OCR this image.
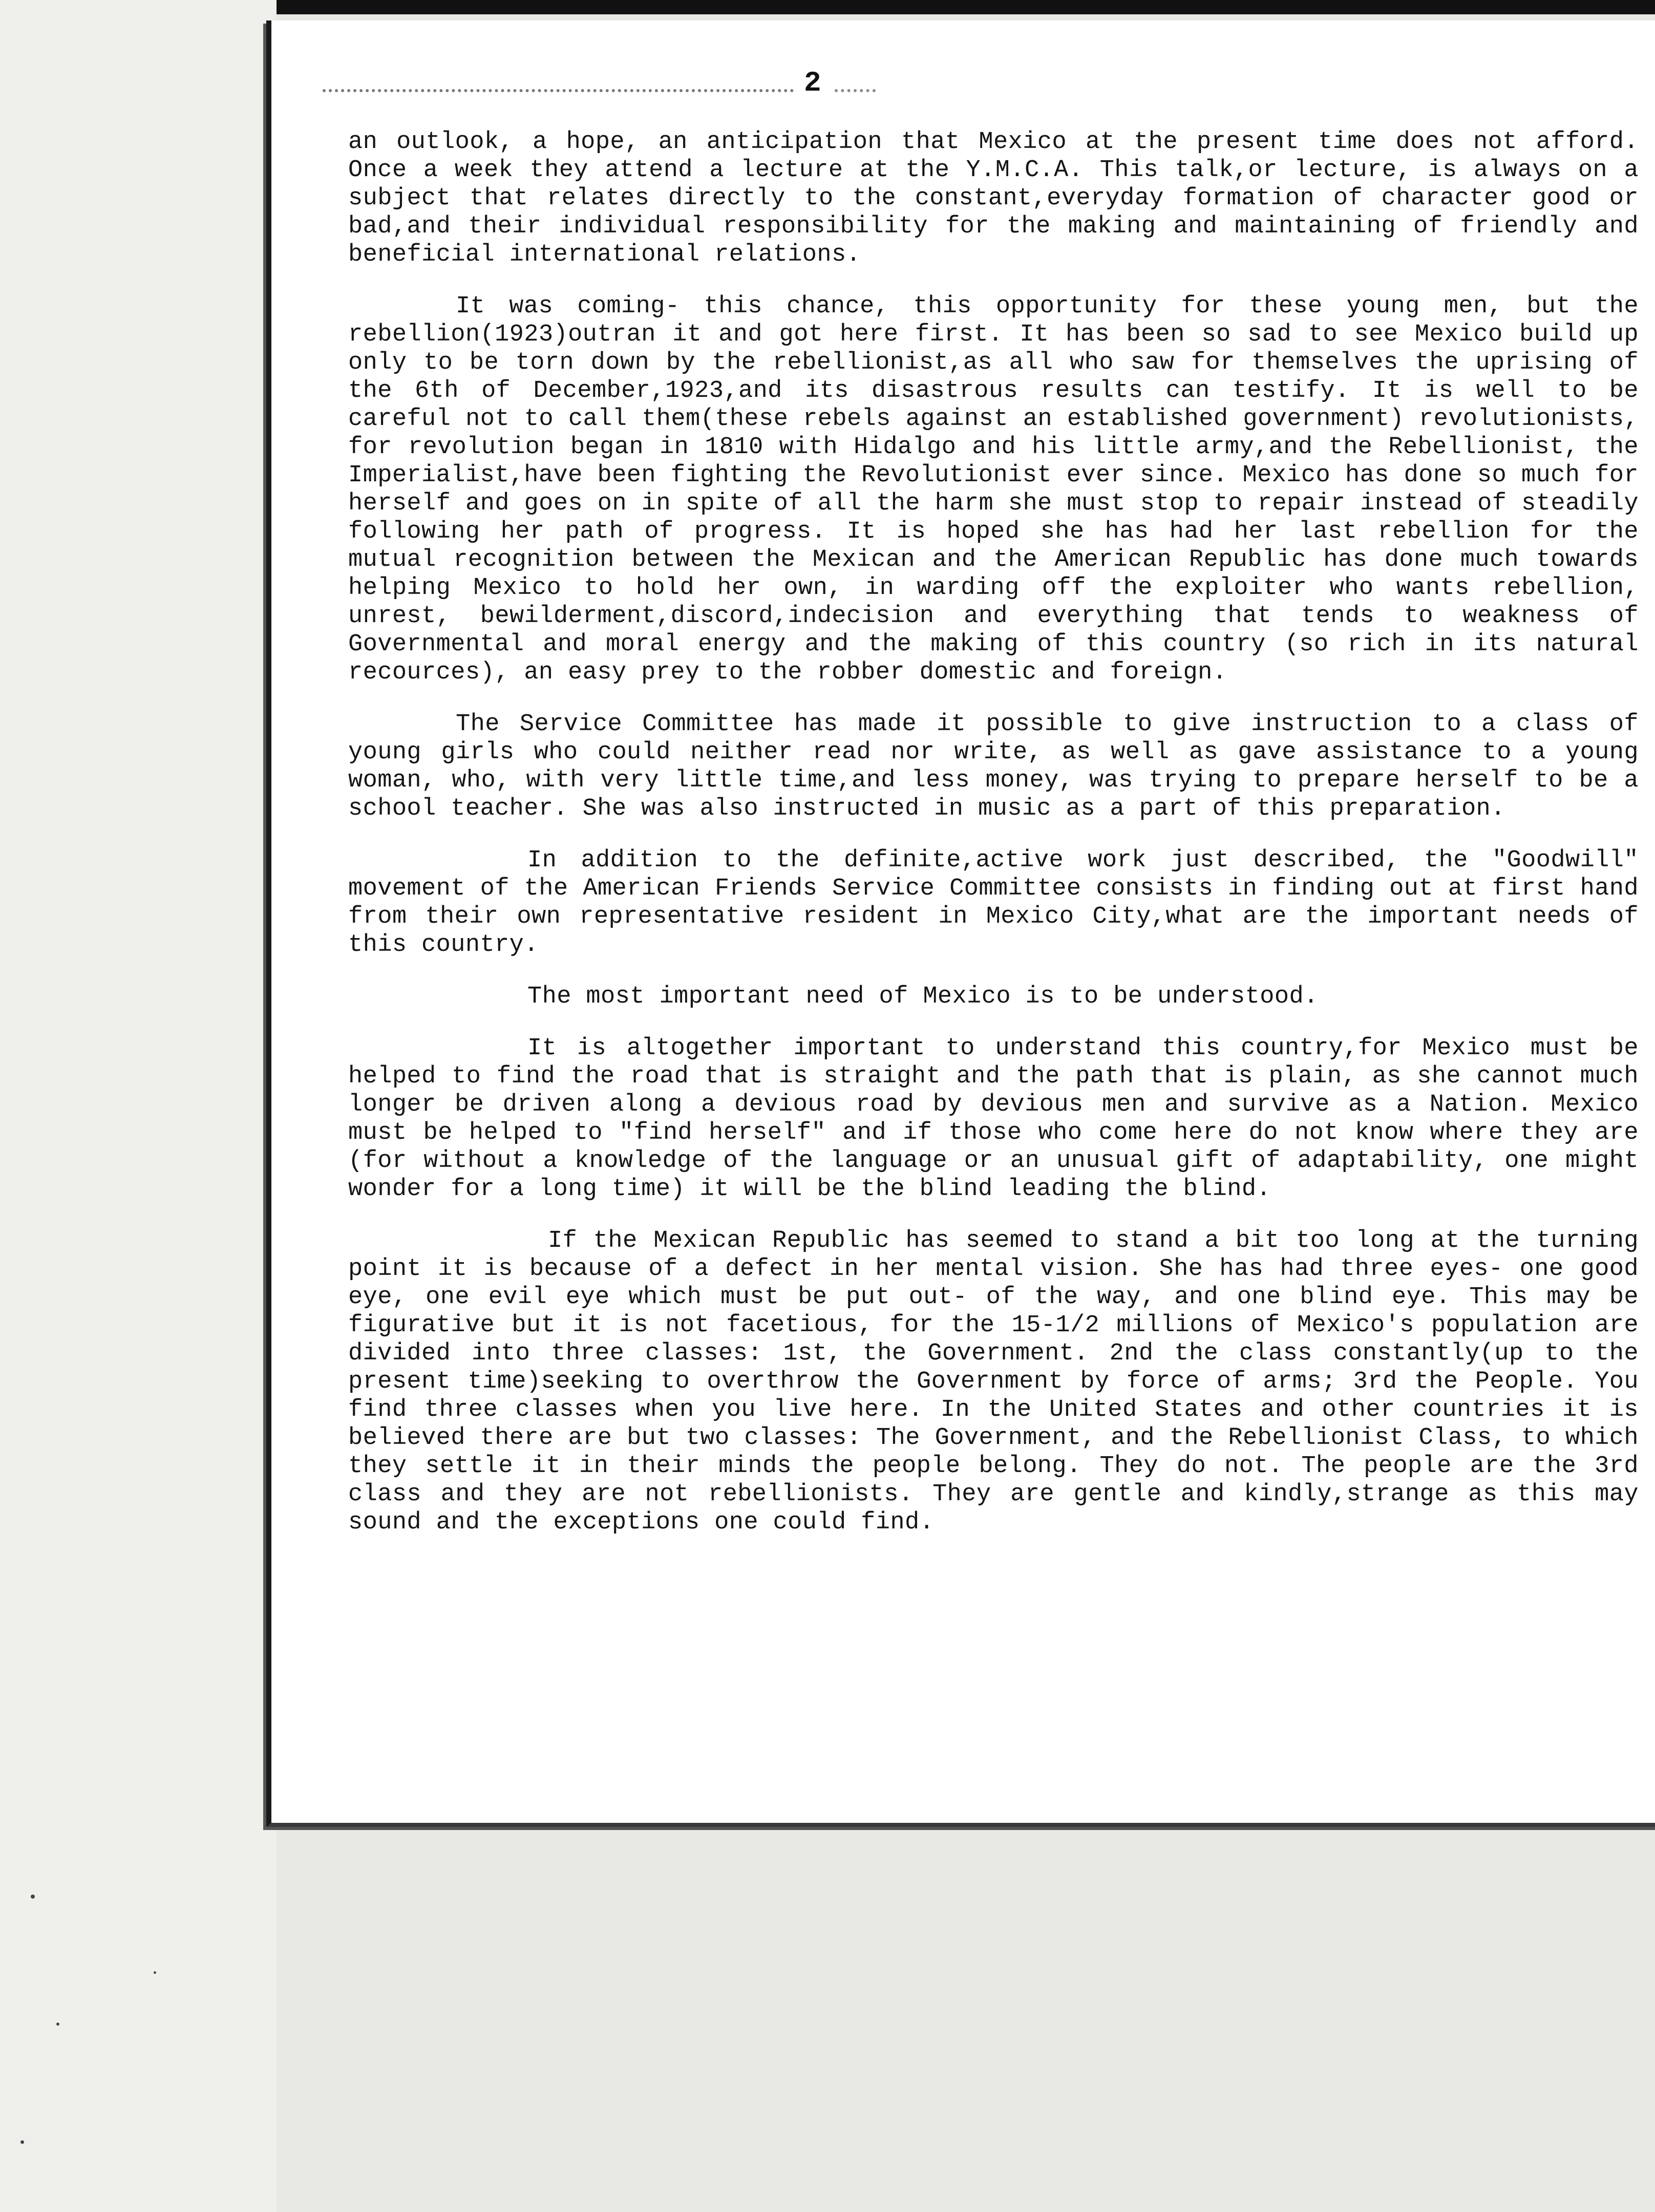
2

an outlook, a hope, an anticipation that Mexico at the present time does not afford. Once a week they attend a lecture at the Y.M.C.A. This talk,or lecture, is always on a subject that relates directly to the constant,everyday formation of character good or bad,and their individual responsibility for the making and maintaining of friendly and beneficial international relations.

It was coming- this chance, this opportunity for these young men, but the rebellion(1923)outran it and got here first. It has been so sad to see Mexico build up only to be torn down by the rebellionist,as all who saw for themselves the uprising of the 6th of December,1923,and its disastrous results can testify. It is well to be careful not to call them(these rebels against an established government) revolutionists, for revolution began in 1810 with Hidalgo and his little army,and the Rebellionist, the Imperialist,have been fighting the Revolutionist ever since. Mexico has done so much for herself and goes on in spite of all the harm she must stop to repair instead of steadily following her path of progress. It is hoped she has had her last rebellion for the mutual recognition between the Mexican and the American Republic has done much towards helping Mexico to hold her own, in warding off the exploiter who wants rebellion, unrest, bewilderment,discord,indecision and everything that tends to weakness of Governmental and moral energy and the making of this country (so rich in its natural recources), an easy prey to the robber domestic and foreign.

The Service Committee has made it possible to give instruction to a class of young girls who could neither read nor write, as well as gave assistance to a young woman, who, with very little time,and less money, was trying to prepare herself to be a school teacher. She was also instructed in music as a part of this preparation.

In addition to the definite,active work just described, the "Goodwill" movement of the American Friends Service Committee consists in finding out at first hand from their own representative resident in Mexico City,what are the important needs of this country.

The most important need of Mexico is to be understood.

It is altogether important to understand this country,for Mexico must be helped to find the road that is straight and the path that is plain, as she cannot much longer be driven along a devious road by devious men and survive as a Nation. Mexico must be helped to "find herself" and if those who come here do not know where they are (for without a knowledge of the language or an unusual gift of adaptability, one might wonder for a long time) it will be the blind leading the blind.

If the Mexican Republic has seemed to stand a bit too long at the turning point it is because of a defect in her mental vision. She has had three eyes- one good eye, one evil eye which must be put out- of the way, and one blind eye. This may be figurative but it is not facetious, for the 15-1/2 millions of Mexico's population are divided into three classes: 1st, the Government. 2nd the class constantly(up to the present time)seeking to overthrow the Government by force of arms; 3rd the People. You find three classes when you live here. In the United States and other countries it is believed there are but two classes: The Government, and the Rebellionist Class, to which they settle it in their minds the people belong. They do not. The people are the 3rd class and they are not rebellionists. They are gentle and kindly,strange as this may sound and the exceptions one could find.
